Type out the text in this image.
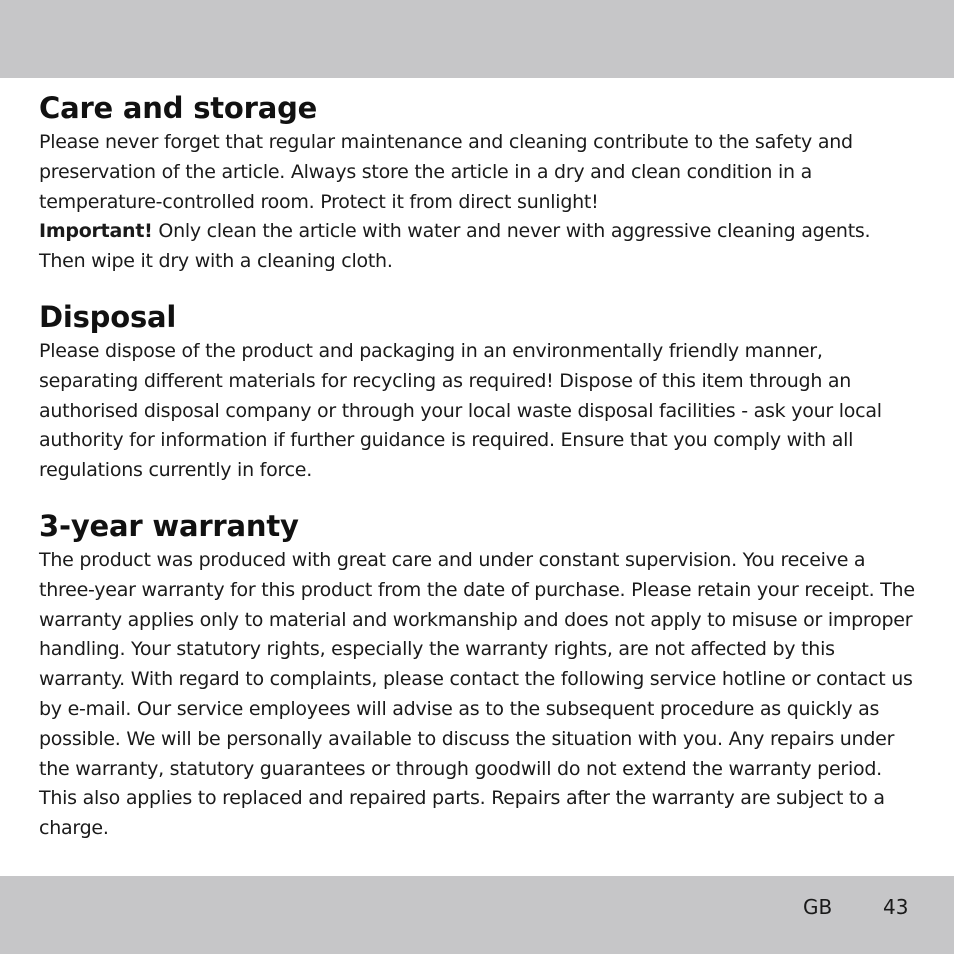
Care and storage

Please never forget that regular maintenance and cleaning contribute to the safety and preservation of the article. Always store the article in a dry and clean condition in a temperature-controlled room. Protect it from direct sunlight!
Important! Only clean the article with water and never with aggressive cleaning agents. Then wipe it dry with a cleaning cloth.

Disposal

Please dispose of the product and packaging in an environmentally friendly manner, separating different materials for recycling as required! Dispose of this item through an authorised disposal company or through your local waste disposal facilities - ask your local authority for information if further guidance is required. Ensure that you comply with all regulations currently in force.

3-year warranty

The product was produced with great care and under constant supervision. You receive a three-year warranty for this product from the date of purchase. Please retain your receipt. The warranty applies only to material and workmanship and does not apply to misuse or improper handling. Your statutory rights, especially the warranty rights, are not affected by this warranty. With regard to complaints, please contact the following service hotline or contact us by e-mail. Our service employees will advise as to the subsequent procedure as quickly as possible. We will be personally available to discuss the situation with you. Any repairs under the warranty, statutory guarantees or through goodwill do not extend the warranty period. This also applies to replaced and repaired parts. Repairs after the warranty are subject to a charge.

GB	43
